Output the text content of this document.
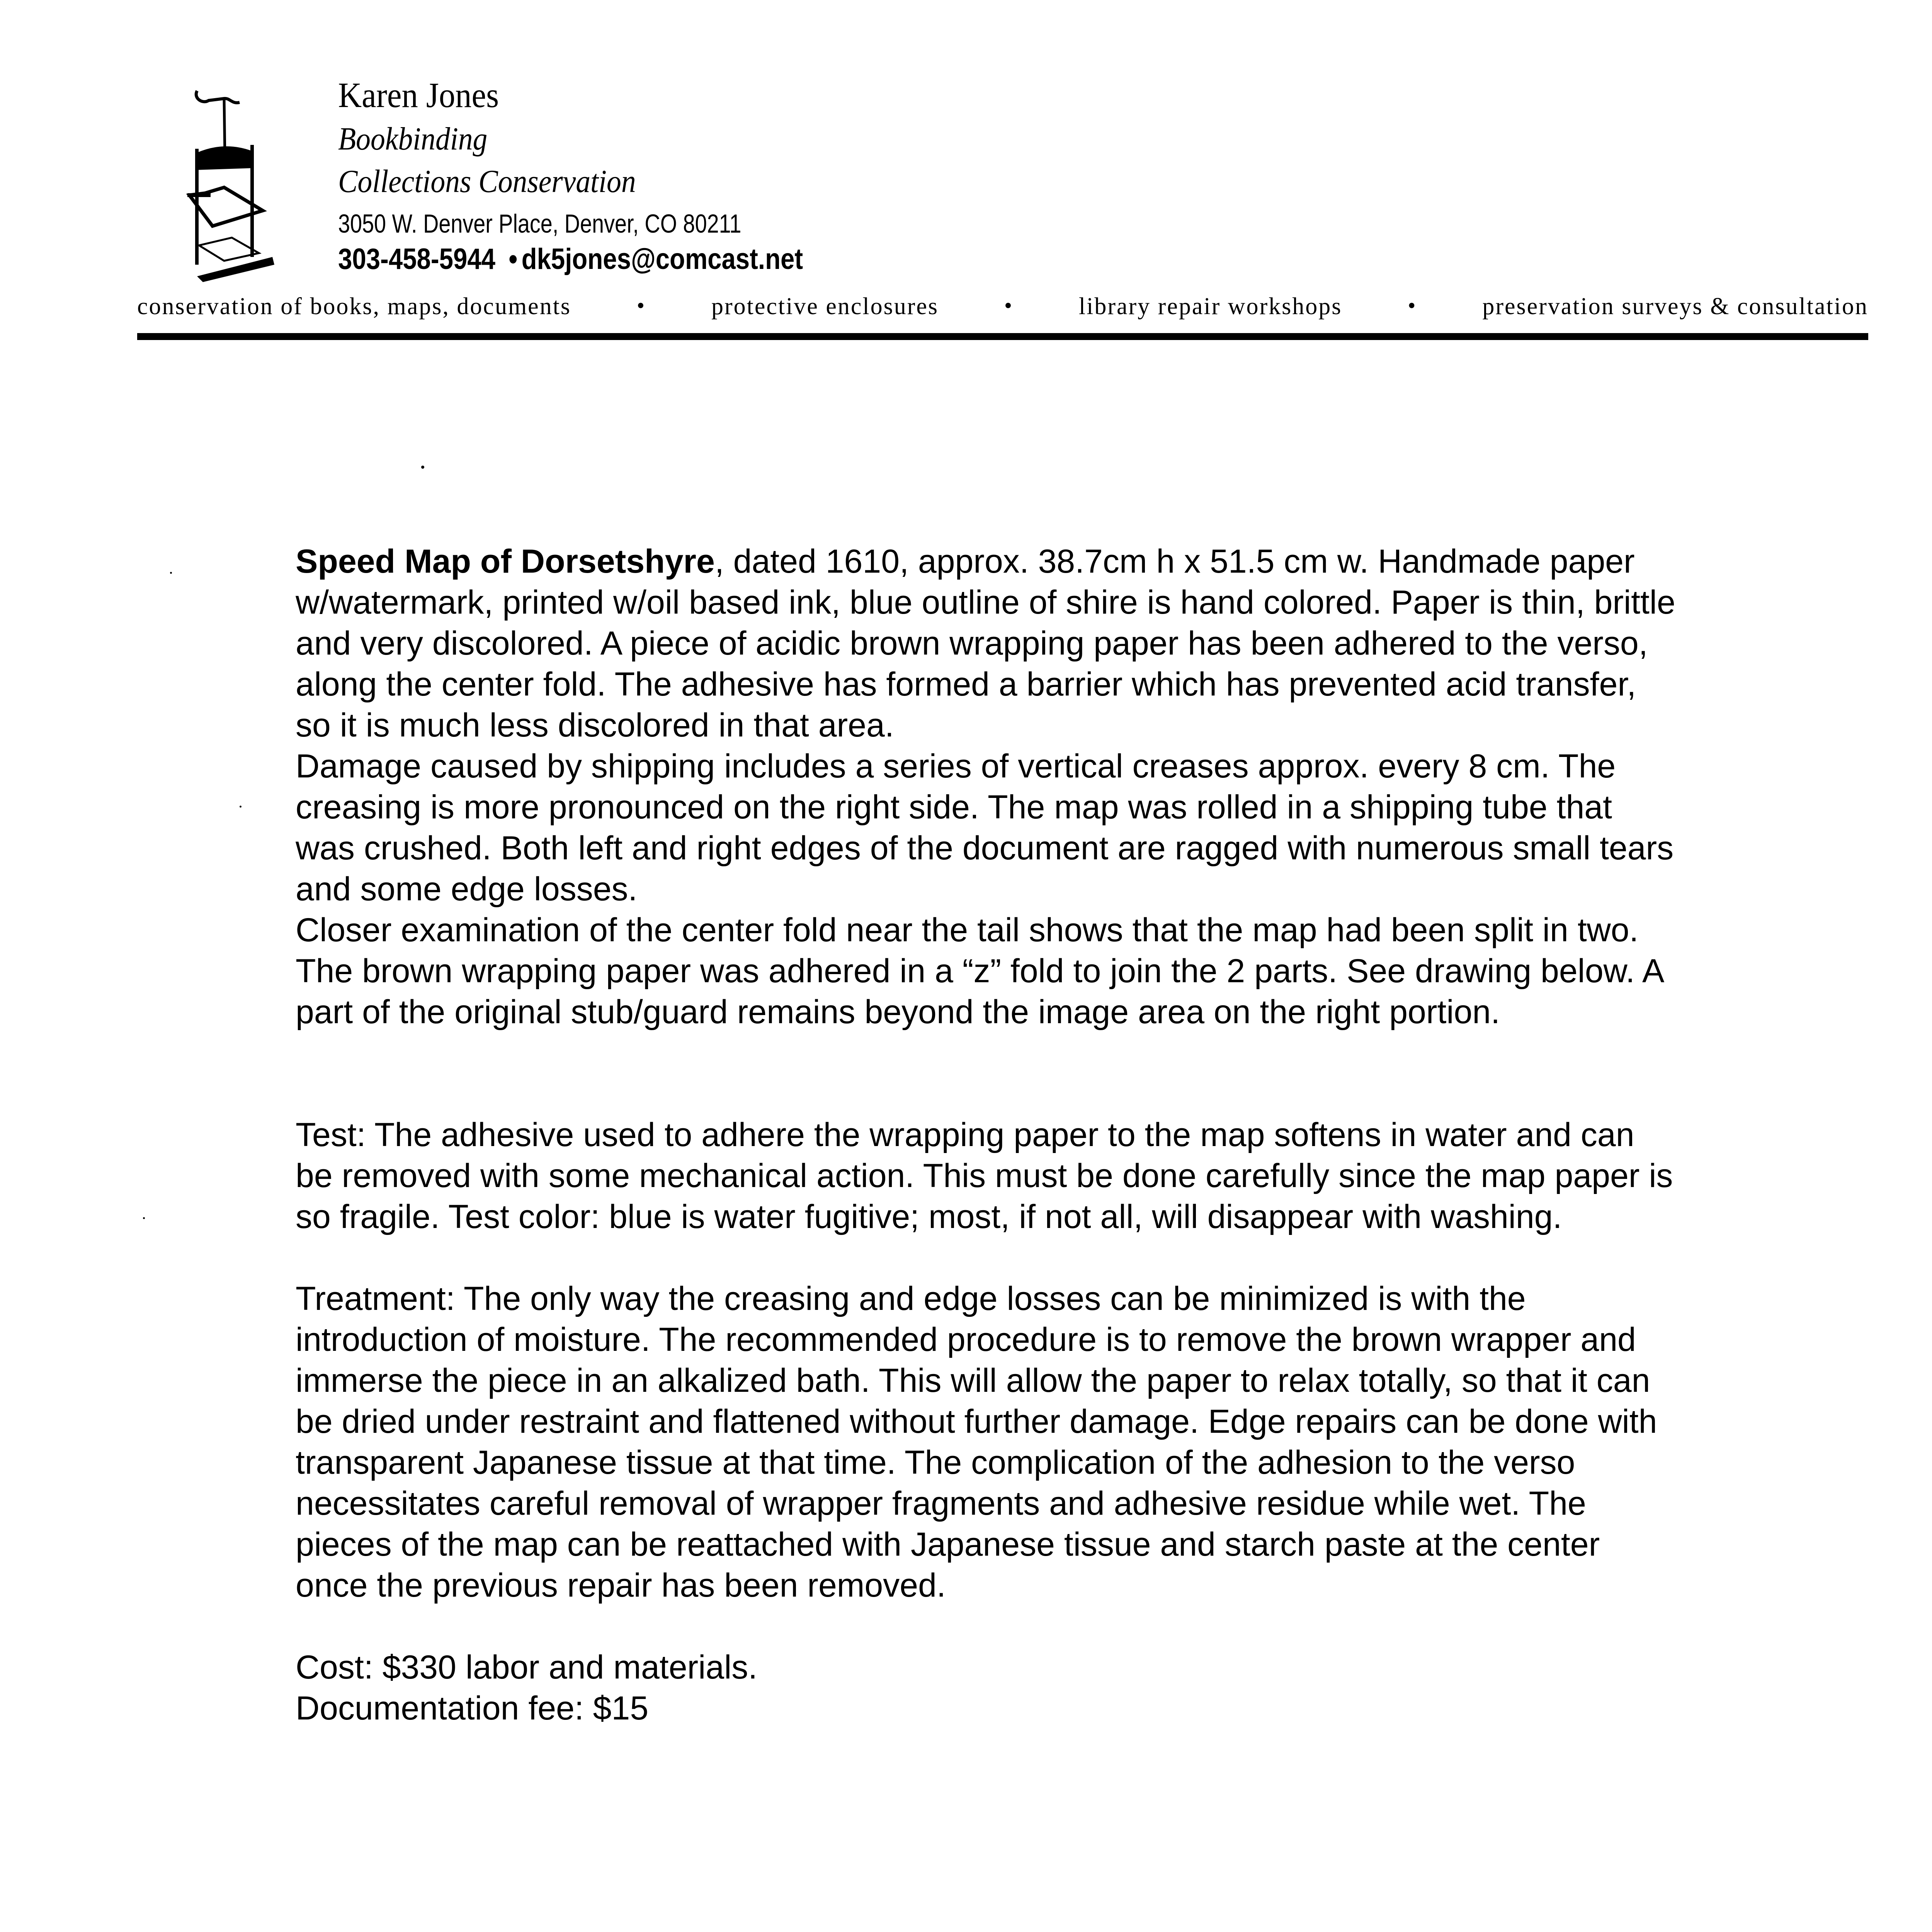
Karen Jones
Bookbinding
Collections Conservation
3050 W. Denver Place, Denver, CO 80211
303-458-5944 • dk5jones@comcast.net
conservation of books, maps, documents	•	protective enclosures	•	library repair workshops	•	preservation surveys & consultation

Speed Map of Dorsetshyre, dated 1610, approx. 38.7cm h x 51.5 cm w. Handmade paper w/watermark, printed w/oil based ink, blue outline of shire is hand colored. Paper is thin, brittle and very discolored. A piece of acidic brown wrapping paper has been adhered to the verso, along the center fold. The adhesive has formed a barrier which has prevented acid transfer, so it is much less discolored in that area.

Damage caused by shipping includes a series of vertical creases approx. every 8 cm. The creasing is more pronounced on the right side. The map was rolled in a shipping tube that was crushed. Both left and right edges of the document are ragged with numerous small tears and some edge losses.

Closer examination of the center fold near the tail shows that the map had been split in two. The brown wrapping paper was adhered in a “z” fold to join the 2 parts. See drawing below. A part of the original stub/guard remains beyond the image area on the right portion.

Test: The adhesive used to adhere the wrapping paper to the map softens in water and can be removed with some mechanical action. This must be done carefully since the map paper is so fragile. Test color: blue is water fugitive; most, if not all, will disappear with washing.

Treatment: The only way the creasing and edge losses can be minimized is with the introduction of moisture. The recommended procedure is to remove the brown wrapper and immerse the piece in an alkalized bath. This will allow the paper to relax totally, so that it can be dried under restraint and flattened without further damage. Edge repairs can be done with transparent Japanese tissue at that time. The complication of the adhesion to the verso necessitates careful removal of wrapper fragments and adhesive residue while wet. The pieces of the map can be reattached with Japanese tissue and starch paste at the center once the previous repair has been removed.

Cost: $330 labor and materials.

Documentation fee: $15
